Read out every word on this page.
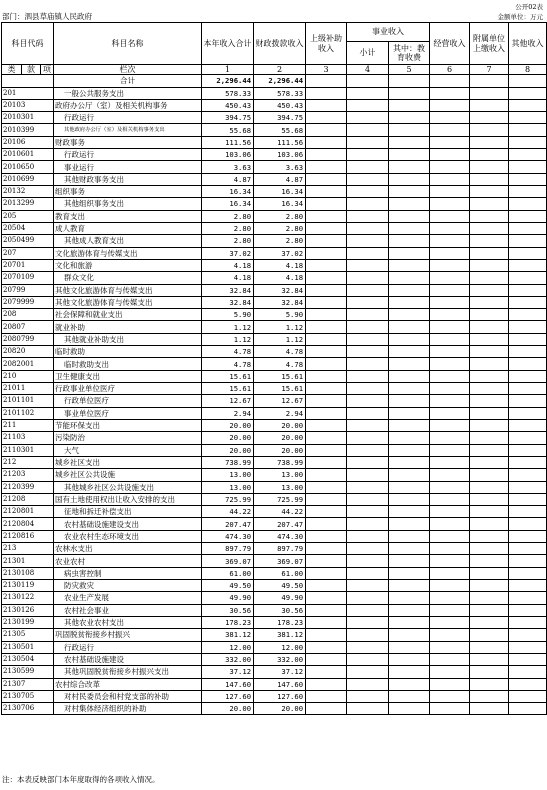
公开02表
部门：泗县草庙镇人民政府	金额单位：万元
科目代码			科目名称	本年收入合计	财政拨款收入	上级补助收入	事业收入		经营收入	附属单位上缴收入	其他收入
							小计	其中：教育收费			
类	款	项	栏次	1	2	3	4	5	6	7	8
			合计	2,296.44	2,296.44						
201			一般公共服务支出	578.33	578.33						
20103			政府办公厅（室）及相关机构事务	450.43	450.43						
2010301			行政运行	394.75	394.75						
2010399			其他政府办公厅（室）及相关机构事务支出	55.68	55.68						
20106			财政事务	111.56	111.56						
2010601			行政运行	103.06	103.06						
2010650			事业运行	3.63	3.63						
2010699			其他财政事务支出	4.87	4.87						
20132			组织事务	16.34	16.34						
2013299			其他组织事务支出	16.34	16.34						
205			教育支出	2.80	2.80						
20504			成人教育	2.80	2.80						
2050499			其他成人教育支出	2.80	2.80						
207			文化旅游体育与传媒支出	37.02	37.02						
20701			文化和旅游	4.18	4.18						
2070109			群众文化	4.18	4.18						
20799			其他文化旅游体育与传媒支出	32.84	32.84						
2079999			其他文化旅游体育与传媒支出	32.84	32.84						
208			社会保障和就业支出	5.90	5.90						
20807			就业补助	1.12	1.12						
2080799			其他就业补助支出	1.12	1.12						
20820			临时救助	4.78	4.78						
2082001			临时救助支出	4.78	4.78						
210			卫生健康支出	15.61	15.61						
21011			行政事业单位医疗	15.61	15.61						
2101101			行政单位医疗	12.67	12.67						
2101102			事业单位医疗	2.94	2.94						
211			节能环保支出	20.00	20.00						
21103			污染防治	20.00	20.00						
2110301			大气	20.00	20.00						
212			城乡社区支出	738.99	738.99						
21203			城乡社区公共设施	13.00	13.00						
2120399			其他城乡社区公共设施支出	13.00	13.00						
21208			国有土地使用权出让收入安排的支出	725.99	725.99						
2120801			征地和拆迁补偿支出	44.22	44.22						
2120804			农村基础设施建设支出	207.47	207.47						
2120816			农业农村生态环境支出	474.30	474.30						
213			农林水支出	897.79	897.79						
21301			农业农村	369.07	369.07						
2130108			病虫害控制	61.00	61.00						
2130119			防灾救灾	49.50	49.50						
2130122			农业生产发展	49.90	49.90						
2130126			农村社会事业	30.56	30.56						
2130199			其他农业农村支出	178.23	178.23						
21305			巩固脱贫衔接乡村振兴	381.12	381.12						
2130501			行政运行	12.00	12.00						
2130504			农村基础设施建设	332.00	332.00						
2130599			其他巩固脱贫衔接乡村振兴支出	37.12	37.12						
21307			农村综合改革	147.60	147.60						
2130705			对村民委员会和村党支部的补助	127.60	127.60						
2130706			对村集体经济组织的补助	20.00	20.00						
注：本表反映部门本年度取得的各项收入情况。
